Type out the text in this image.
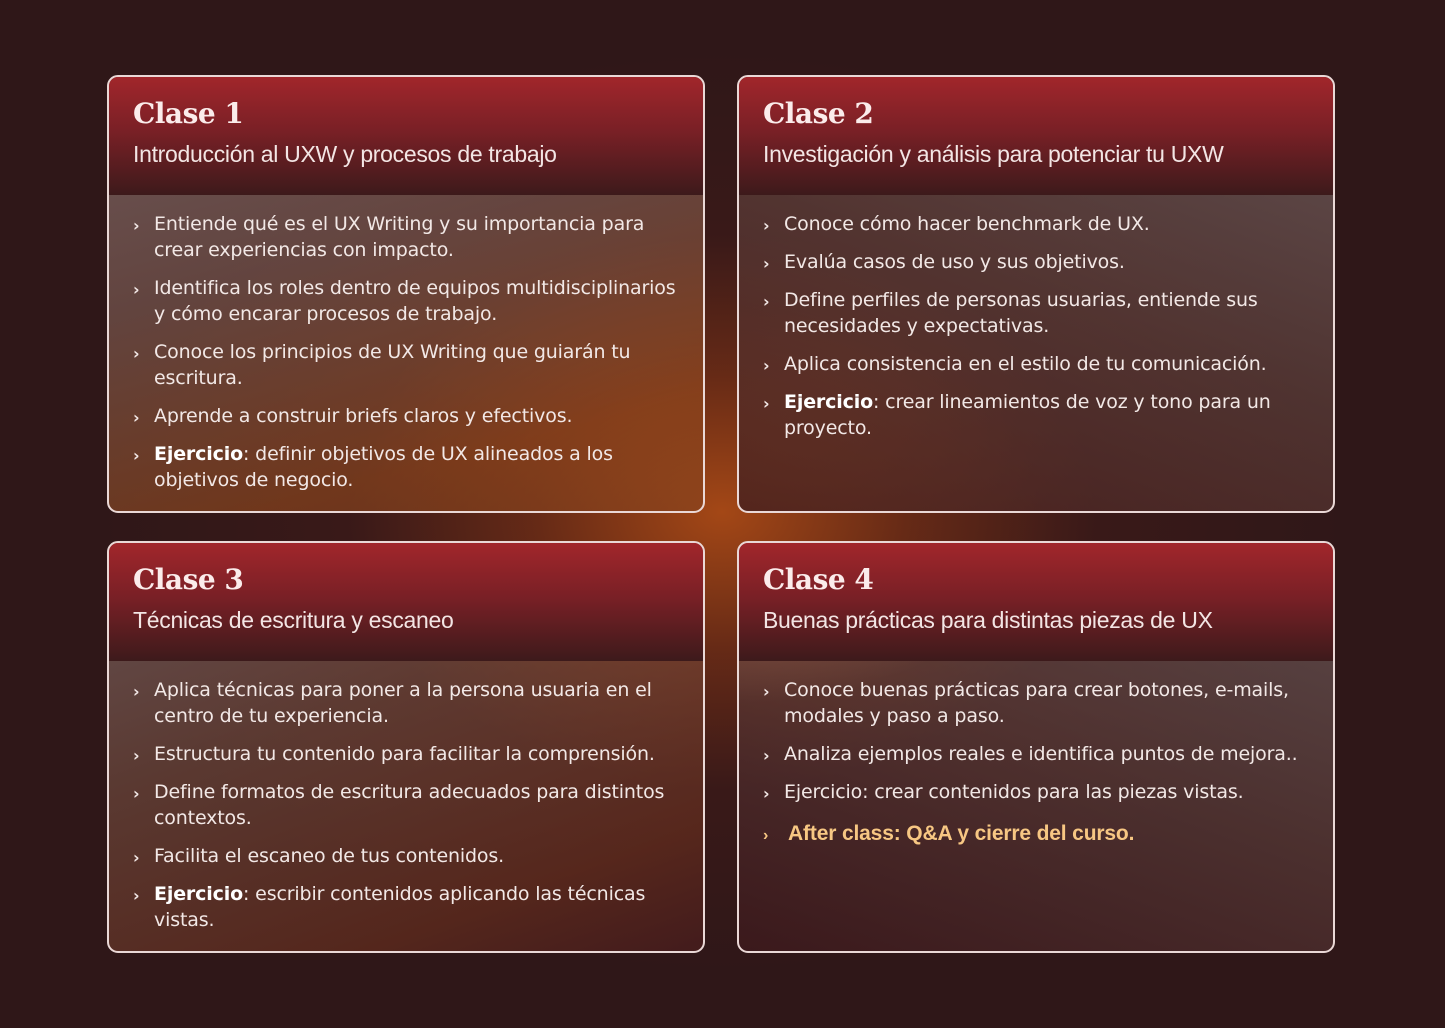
Clase 1
Introducción al UXW y procesos de trabajo
› Entiende qué es el UX Writing y su importancia para crear experiencias con impacto.
› Identifica los roles dentro de equipos multidisciplinarios y cómo encarar procesos de trabajo.
› Conoce los principios de UX Writing que guiarán tu escritura.
› Aprende a construir briefs claros y efectivos.
› Ejercicio: definir objetivos de UX alineados a los objetivos de negocio.
Clase 2
Investigación y análisis para potenciar tu UXW
› Conoce cómo hacer benchmark de UX.
› Evalúa casos de uso y sus objetivos.
› Define perfiles de personas usuarias, entiende sus necesidades y expectativas.
› Aplica consistencia en el estilo de tu comunicación.
› Ejercicio: crear lineamientos de voz y tono para un proyecto.
Clase 3
Técnicas de escritura y escaneo
› Aplica técnicas para poner a la persona usuaria en el centro de tu experiencia.
› Estructura tu contenido para facilitar la comprensión.
› Define formatos de escritura adecuados para distintos contextos.
› Facilita el escaneo de tus contenidos.
› Ejercicio: escribir contenidos aplicando las técnicas vistas.
Clase 4
Buenas prácticas para distintas piezas de UX
› Conoce buenas prácticas para crear botones, e-mails, modales y paso a paso.
› Analiza ejemplos reales e identifica puntos de mejora..
› Ejercicio: crear contenidos para las piezas vistas.
› After class: Q&A y cierre del curso.
